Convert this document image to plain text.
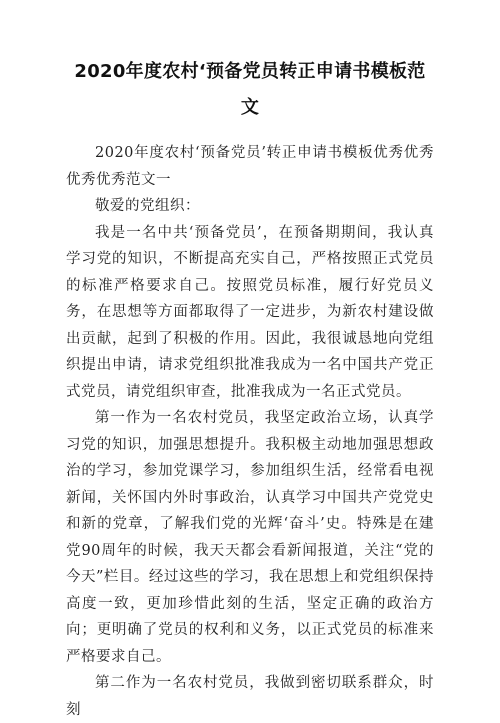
2020年度农村‘预备党员转正申请书模板范
文

2020年度农村‘预备党员’转正申请书模板优秀优秀优秀优秀范文一

敬爱的党组织：

我是一名中共‘预备党员’，在预备期期间，我认真学习党的知识，不断提高充实自己，严格按照正式党员的标准严格要求自己。按照党员标准，履行好党员义务，在思想等方面都取得了一定进步，为新农村建设做出贡献，起到了积极的作用。因此，我很诚恳地向党组织提出申请，请求党组织批准我成为一名中国共产党正式党员，请党组织审查，批准我成为一名正式党员。

第一作为一名农村党员，我坚定政治立场，认真学习党的知识，加强思想提升。我积极主动地加强思想政治的学习，参加党课学习，参加组织生活，经常看电视新闻，关怀国内外时事政治，认真学习中国共产党党史和新的党章，了解我们党的光辉‘奋斗’史。特殊是在建党90周年的时候，我天天都会看新闻报道，关注“党的今天”栏目。经过这些的学习，我在思想上和党组织保持高度一致，更加珍惜此刻的生活，坚定正确的政治方向；更明确了党员的权利和义务，以正式党员的标准来严格要求自己。

第二作为一名农村党员，我做到密切联系群众，时刻
